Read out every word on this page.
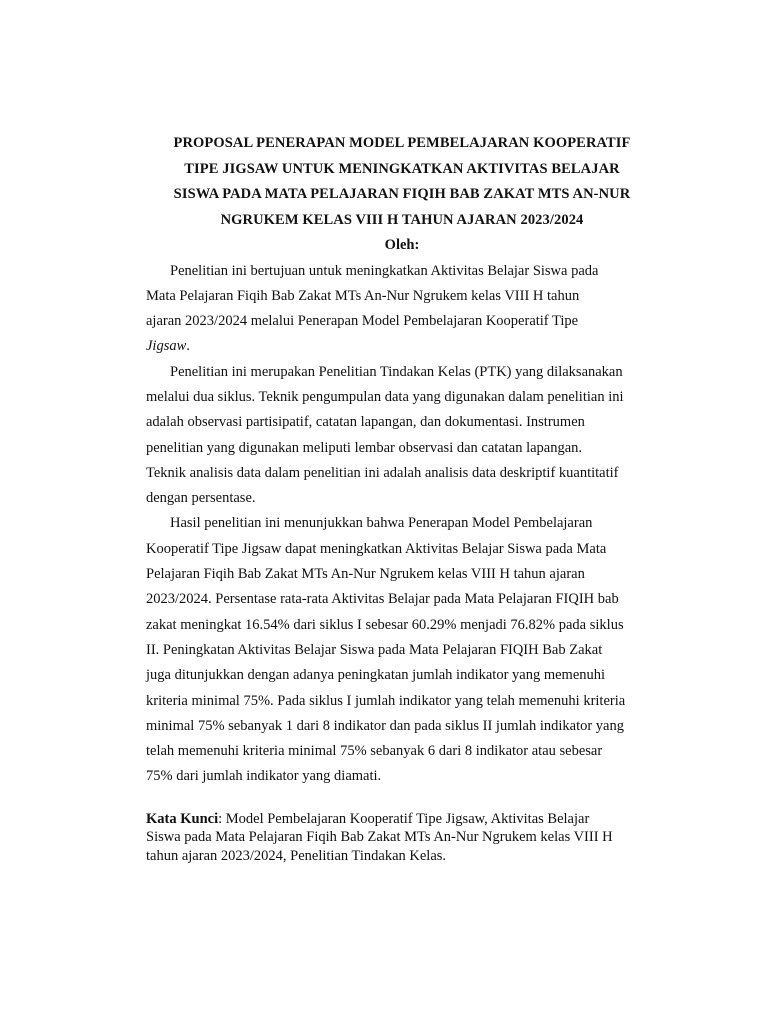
PROPOSAL PENERAPAN MODEL PEMBELAJARAN KOOPERATIF
TIPE JIGSAW UNTUK MENINGKATKAN AKTIVITAS BELAJAR
SISWA PADA MATA PELAJARAN FIQIH BAB ZAKAT MTS AN-NUR
NGRUKEM KELAS VIII H TAHUN AJARAN 2023/2024

Oleh:

Penelitian ini bertujuan untuk meningkatkan Aktivitas Belajar Siswa pada
Mata Pelajaran Fiqih Bab Zakat MTs An-Nur Ngrukem kelas VIII H tahun
ajaran 2023/2024 melalui Penerapan Model Pembelajaran Kooperatif Tipe
Jigsaw.

Penelitian ini merupakan Penelitian Tindakan Kelas (PTK) yang dilaksanakan
melalui dua siklus. Teknik pengumpulan data yang digunakan dalam penelitian ini
adalah observasi partisipatif, catatan lapangan, dan dokumentasi. Instrumen
penelitian yang digunakan meliputi lembar observasi dan catatan lapangan.
Teknik analisis data dalam penelitian ini adalah analisis data deskriptif kuantitatif
dengan persentase.

Hasil penelitian ini menunjukkan bahwa Penerapan Model Pembelajaran
Kooperatif Tipe Jigsaw dapat meningkatkan Aktivitas Belajar Siswa pada Mata
Pelajaran Fiqih Bab Zakat MTs An-Nur Ngrukem kelas VIII H tahun ajaran
2023/2024. Persentase rata-rata Aktivitas Belajar pada Mata Pelajaran FIQIH bab
zakat meningkat 16.54% dari siklus I sebesar 60.29% menjadi 76.82% pada siklus
II. Peningkatan Aktivitas Belajar Siswa pada Mata Pelajaran FIQIH Bab Zakat
juga ditunjukkan dengan adanya peningkatan jumlah indikator yang memenuhi
kriteria minimal 75%. Pada siklus I jumlah indikator yang telah memenuhi kriteria
minimal 75% sebanyak 1 dari 8 indikator dan pada siklus II jumlah indikator yang
telah memenuhi kriteria minimal 75% sebanyak 6 dari 8 indikator atau sebesar
75% dari jumlah indikator yang diamati.

Kata Kunci: Model Pembelajaran Kooperatif Tipe Jigsaw, Aktivitas Belajar
Siswa pada Mata Pelajaran Fiqih Bab Zakat MTs An-Nur Ngrukem kelas VIII H
tahun ajaran 2023/2024, Penelitian Tindakan Kelas.
